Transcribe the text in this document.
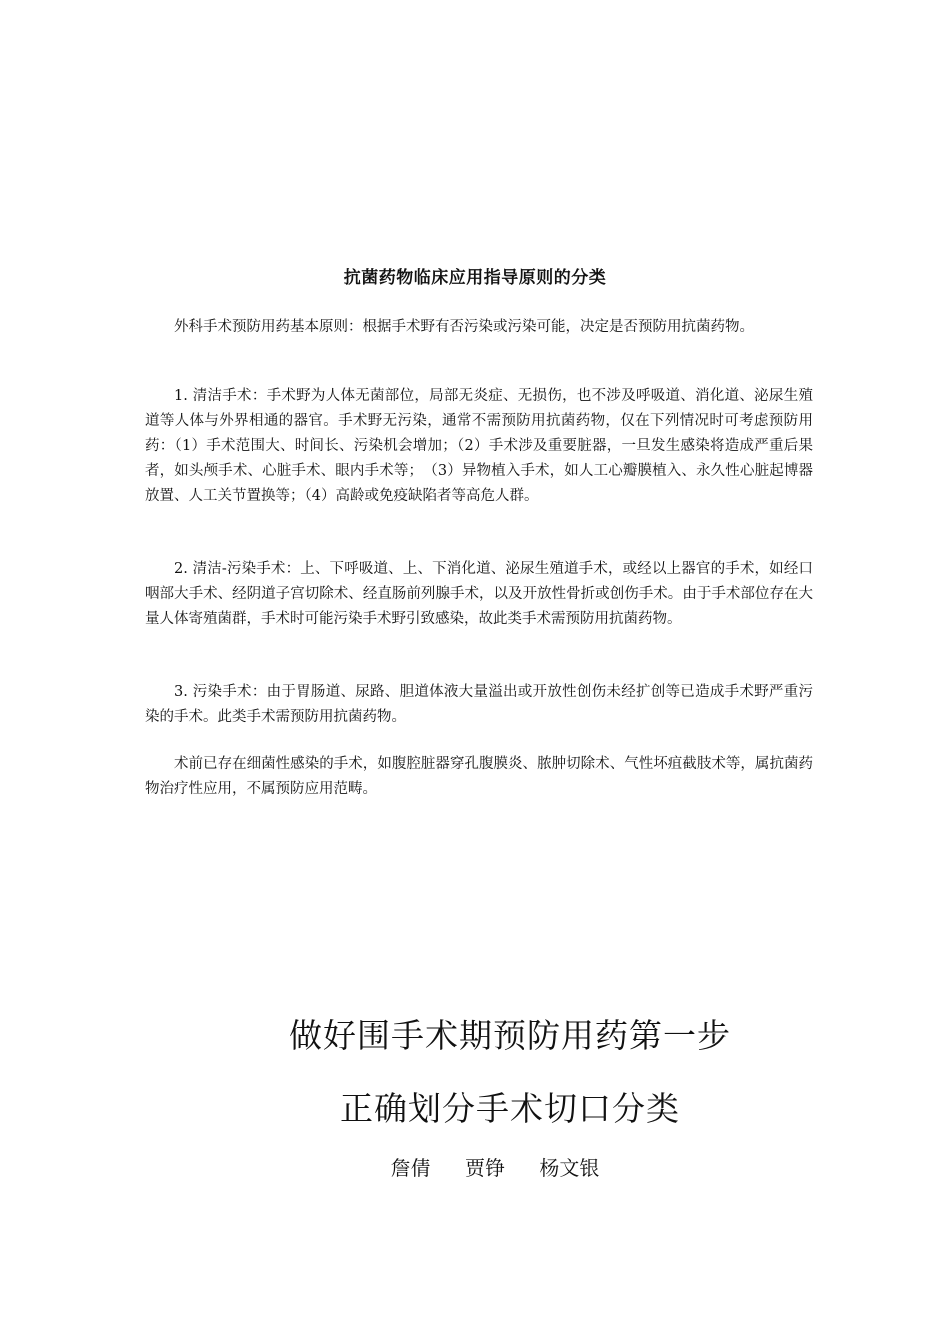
抗菌药物临床应用指导原则的分类

外科手术预防用药基本原则：根据手术野有否污染或污染可能，决定是否预防用抗菌药物。

1. 清洁手术：手术野为人体无菌部位，局部无炎症、无损伤，也不涉及呼吸道、消化道、泌尿生殖道等人体与外界相通的器官。手术野无污染，通常不需预防用抗菌药物，仅在下列情况时可考虑预防用药：（1）手术范围大、时间长、污染机会增加；（2）手术涉及重要脏器，一旦发生感染将造成严重后果者，如头颅手术、心脏手术、眼内手术等；　（3）异物植入手术，如人工心瓣膜植入、永久性心脏起博器放置、人工关节置换等；（4）高龄或免疫缺陷者等高危人群。

2. 清洁-污染手术：上、下呼吸道、上、下消化道、泌尿生殖道手术，或经以上器官的手术，如经口咽部大手术、经阴道子宫切除术、经直肠前列腺手术，以及开放性骨折或创伤手术。由于手术部位存在大量人体寄殖菌群，手术时可能污染手术野引致感染，故此类手术需预防用抗菌药物。

3. 污染手术：由于胃肠道、尿路、胆道体液大量溢出或开放性创伤未经扩创等已造成手术野严重污染的手术。此类手术需预防用抗菌药物。

术前已存在细菌性感染的手术，如腹腔脏器穿孔腹膜炎、脓肿切除术、气性坏疽截肢术等，属抗菌药物治疗性应用，不属预防应用范畴。

做好围手术期预防用药第一步
正确划分手术切口分类
詹倩 贾铮 杨文银
